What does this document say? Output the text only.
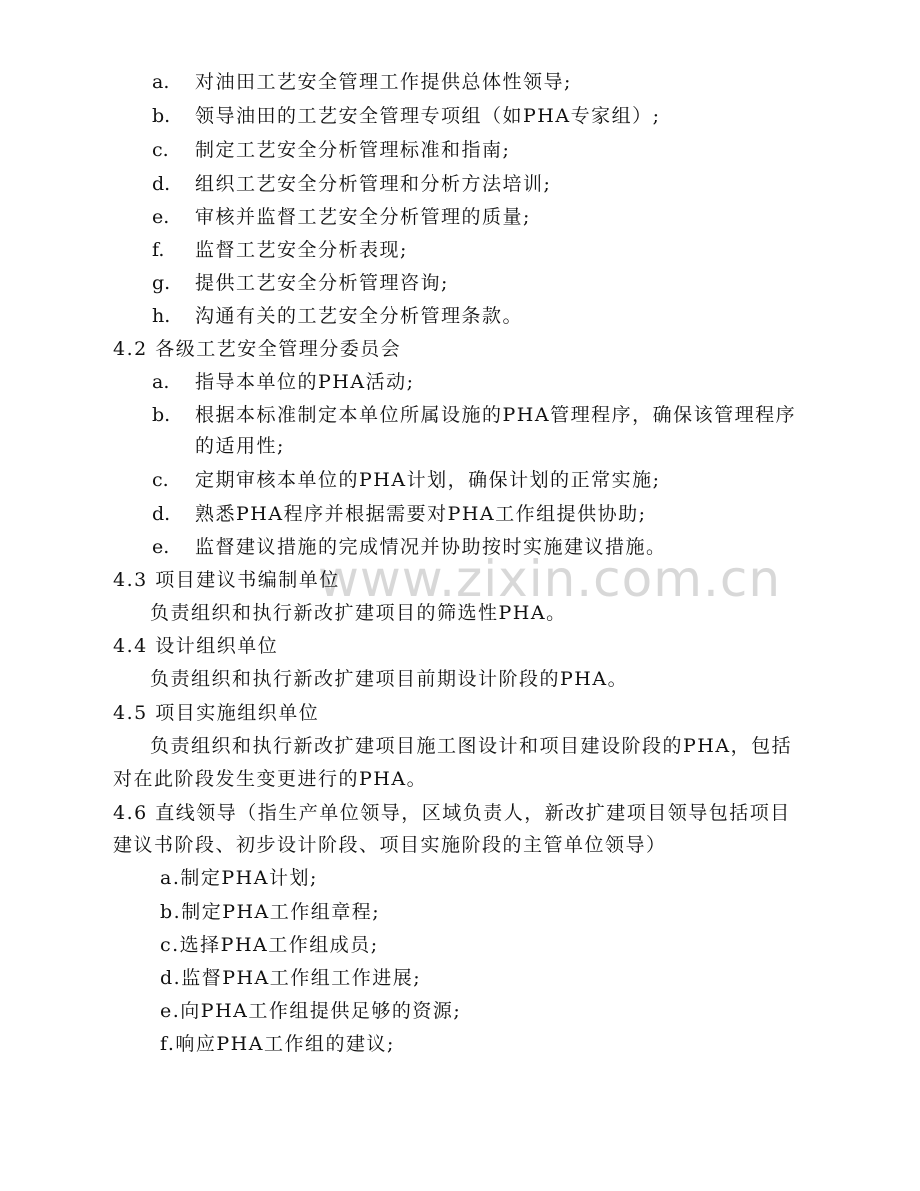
www.zixin.com.cn
a. 对油田工艺安全管理工作提供总体性领导;
b. 领导油田的工艺安全管理专项组（如PHA专家组）;
c. 制定工艺安全分析管理标准和指南;
d. 组织工艺安全分析管理和分析方法培训;
e. 审核并监督工艺安全分析管理的质量;
f. 监督工艺安全分析表现;
g. 提供工艺安全分析管理咨询;
h. 沟通有关的工艺安全分析管理条款。
4.2 各级工艺安全管理分委员会
a. 指导本单位的PHA活动;
b. 根据本标准制定本单位所属设施的PHA管理程序，确保该管理程序
的适用性;
c. 定期审核本单位的PHA计划，确保计划的正常实施;
d. 熟悉PHA程序并根据需要对PHA工作组提供协助;
e. 监督建议措施的完成情况并协助按时实施建议措施。
4.3 项目建议书编制单位
负责组织和执行新改扩建项目的筛选性PHA。
4.4 设计组织单位
负责组织和执行新改扩建项目前期设计阶段的PHA。
4.5 项目实施组织单位
负责组织和执行新改扩建项目施工图设计和项目建设阶段的PHA，包括
对在此阶段发生变更进行的PHA。
4.6 直线领导（指生产单位领导，区域负责人，新改扩建项目领导包括项目
建议书阶段、初步设计阶段、项目实施阶段的主管单位领导）
a.制定PHA计划;
b.制定PHA工作组章程;
c.选择PHA工作组成员;
d.监督PHA工作组工作进展;
e.向PHA工作组提供足够的资源;
f.响应PHA工作组的建议;
